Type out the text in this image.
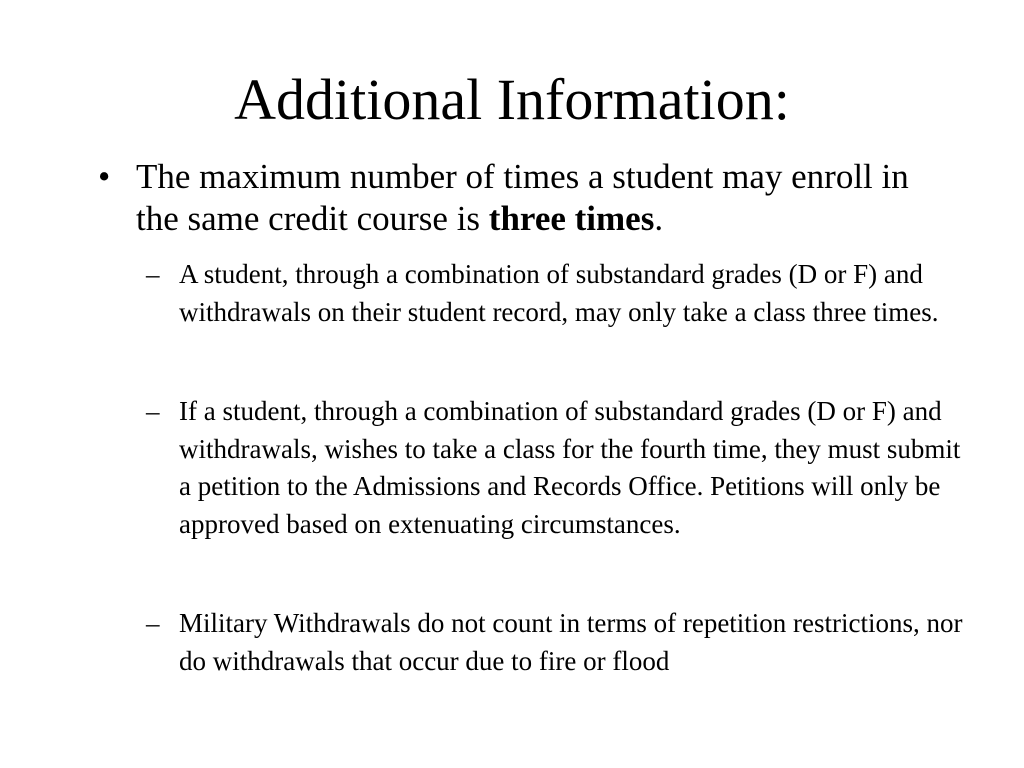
Additional Information:
• The maximum number of times a student may enroll in the same credit course is three times.
– A student, through a combination of substandard grades (D or F) and withdrawals on their student record, may only take a class three times.
– If a student, through a combination of substandard grades (D or F) and withdrawals, wishes to take a class for the fourth time, they must submit a petition to the Admissions and Records Office. Petitions will only be approved based on extenuating circumstances.
– Military Withdrawals do not count in terms of repetition restrictions, nor do withdrawals that occur due to fire or flood
